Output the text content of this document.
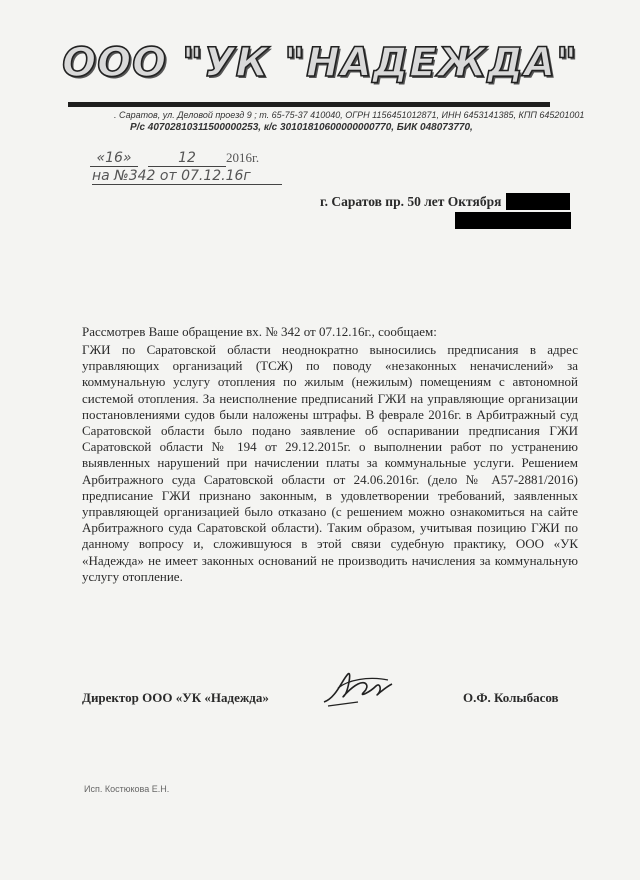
ООО "УК "НАДЕЖДА"
. Саратов, ул. Деловой проезд 9 ; т. 65-75-37 410040, ОГРН 1156451012871, ИНН 6453141385, КПП 645201001
Р/с 40702810311500000253, к/с 30101810600000000770, БИК 048073770,
«16»	12 2016г.
на №342 от 07.12.16г
г. Саратов пр. 50 лет Октября
Рассмотрев Ваше обращение вх. № 342 от 07.12.16г., сообщаем:
ГЖИ по Саратовской области неоднократно выносились предписания в адрес управляющих организаций (ТСЖ) по поводу «незаконных неначислений» за коммунальную услугу отопления по жилым (нежилым) помещениям с автономной системой отопления. За неисполнение предписаний ГЖИ на управляющие организации постановлениями судов были наложены штрафы. В феврале 2016г. в Арбитражный суд Саратовской области было подано заявление об оспаривании предписания ГЖИ Саратовской области № 194 от 29.12.2015г. о выполнении работ по устранению выявленных нарушений при начислении платы за коммунальные услуги. Решением Арбитражного суда Саратовской области от 24.06.2016г. (дело № А57-2881/2016) предписание ГЖИ признано законным, в удовлетворении требований, заявленных управляющей организацией было отказано (с решением можно ознакомиться на сайте Арбитражного суда Саратовской области). Таким образом, учитывая позицию ГЖИ по данному вопросу и, сложившуюся в этой связи судебную практику, ООО «УК «Надежда» не имеет законных оснований не производить начисления за коммунальную услугу отопление.
Директор ООО «УК «Надежда»	О.Ф. Колыбасов
Исп. Костюкова Е.Н.
